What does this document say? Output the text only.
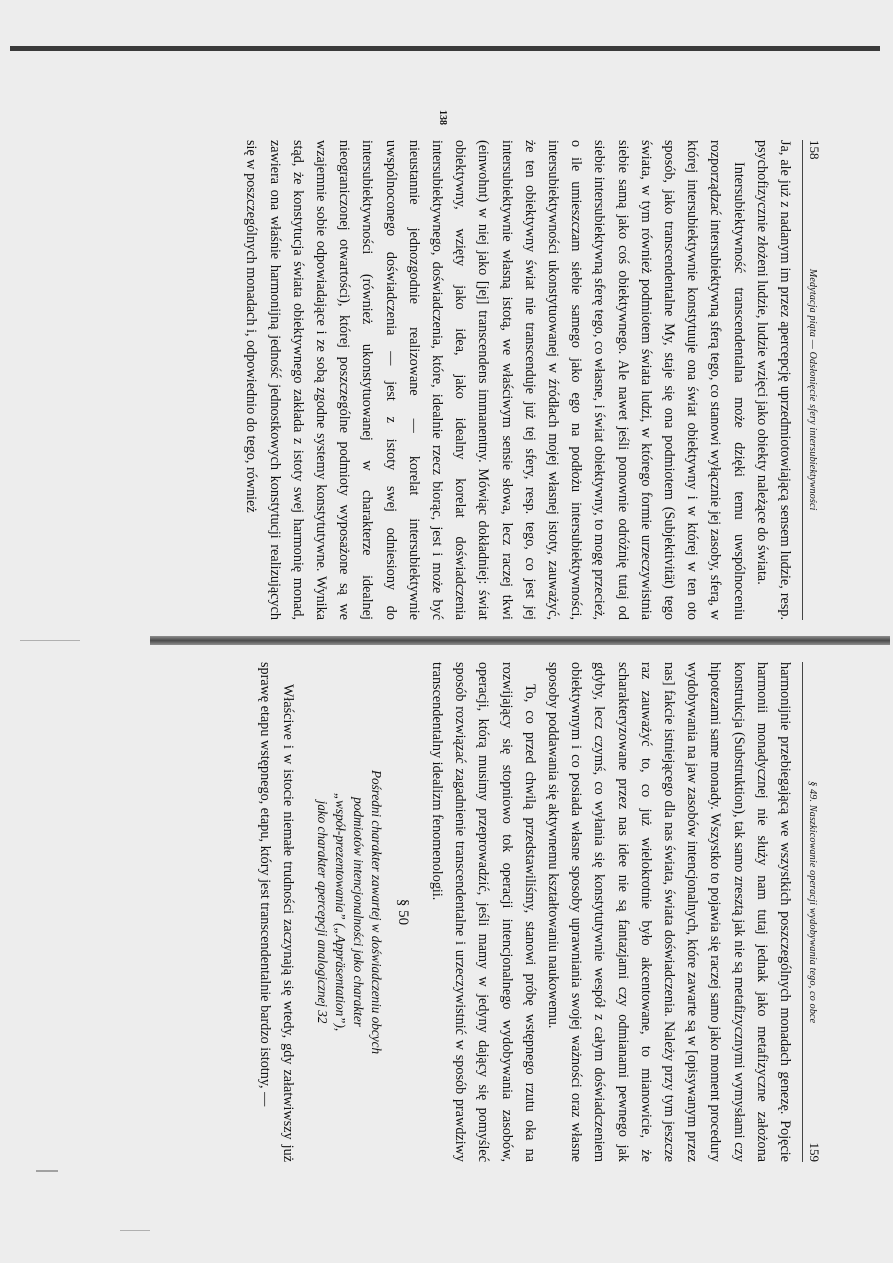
158
Medytacja piąta — Odsłonięcie sfery intersubiektywności

Ja, ale już z nadanym im przez apercepcję uprzedmiotowiającą sensem ludzie, resp. psychofizycznie złożeni ludzie, ludzie wzięci jako obiekty należące do świata.

Intersubiektywność transcendentalna może dzięki temu uwspólnoceniu rozporządzać intersubiektywną sferą tego, co stanowi wyłącznie jej zasoby, sferą, w której intersubiektywnie konstytuuje ona świat obiektywny i w której w ten oto sposób, jako transcendentalne My, staje się ona podmiotem (Subjektivität) tego świata, w tym również podmiotem świata ludzi, w którego formie urzeczywistnia siebie samą jako coś obiektywnego. Ale nawet jeśli ponownie odróżnię tutaj od siebie intersubiektywną sferę tego, co własne, i świat obiektywny, to mogę przecież, o ile umieszczam siebie samego jako ego na podłożu intersubiektywności, intersubiektywności ukonstytuowanej w źródłach mojej własnej istoty, zauważyć, że ten obiektywny świat nie transcenduje już tej sfery, resp. tego, co jest jej intersubiektywnie własną istotą, we właściwym sensie słowa, lecz raczej tkwi (einwohnt) w niej jako [jej] transcendens immanentny. Mówiąc dokładniej: świat obiektywny, wzięty jako idea, jako idealny korelat doświadczenia intersubiektywnego, doświadczenia, które, idealnie rzecz biorąc, jest i może być nieustannie jednozgodnie realizowane — korelat intersubiektywnie uwspólnoconego doświadczenia — jest z istoty swej odniesiony do intersubiektywności (również ukonstytuowanej w charakterze idealnej nieograniczonej otwartości), której poszczególne podmioty wyposażone są we wzajemnie sobie odpowiadające i ze sobą zgodne systemy konstytutywne. Wynika stąd, że konstytucja świata obiektywnego zakłada z istoty swej harmonię monad, zawiera ona właśnie harmonijną jedność jednostkowych konstytucji realizujących się w poszczególnych monadach i, odpowiednio do tego, również

138
§ 49. Naszkicowanie operacji wydobywania tego, co obce
159

harmonijnie przebiegającą we wszystkich poszczególnych monadach genezę. Pojęcie harmonii monadycznej nie służy nam tutaj jednak jako metafizyczne założona konstrukcja (Substruktion), tak samo zresztą jak nie są metafizycznymi wymysłami czy hipotezami same monady. Wszystko to pojawia się raczej samo jako moment procedury wydobywania na jaw zasobów intencjonalnych, które zawarte są w [opisywanym przez nas] fakcie istniejącego dla nas świata, świata doświadczenia. Należy przy tym jeszcze raz zauważyć to, co już wielokrotnie było akcentowane, to mianowicie, że scharakteryzowane przez nas idee nie są fantazjami czy odmianami pewnego jak gdyby, lecz czymś, co wyłania się konstytutywnie wespół z całym doświadczeniem obiektywnym i co posiada własne sposoby uprawniania swojej ważności oraz własne sposoby poddawania się aktywnemu kształtowaniu naukowemu.

To, co przed chwilą przedstawiliśmy, stanowi próbę wstępnego rzutu oka na rozwijający się stopniowo tok operacji intencjonalnego wydobywania zasobów, operacji, którą musimy przeprowadzić, jeśli mamy w jedyny dający się pomyśleć sposób rozwiązać zagadnienie transcendentalne i urzeczywistnić w sposób prawdziwy transcendentalny idealizm fenomenologii.

§ 50
Pośredni charakter zawartej w doświadczeniu obcych
podmiotów intencjonalności jako charakter
„współ-prezentowania” („Appräsentation”),
jako charakter apercepcji analogicznej 32

Właściwe i w istocie niemałe trudności zaczynają się wtedy, gdy załatwiwszy już sprawę etapu wstępnego, etapu, który jest transcendentalnie bardzo istotny, —
